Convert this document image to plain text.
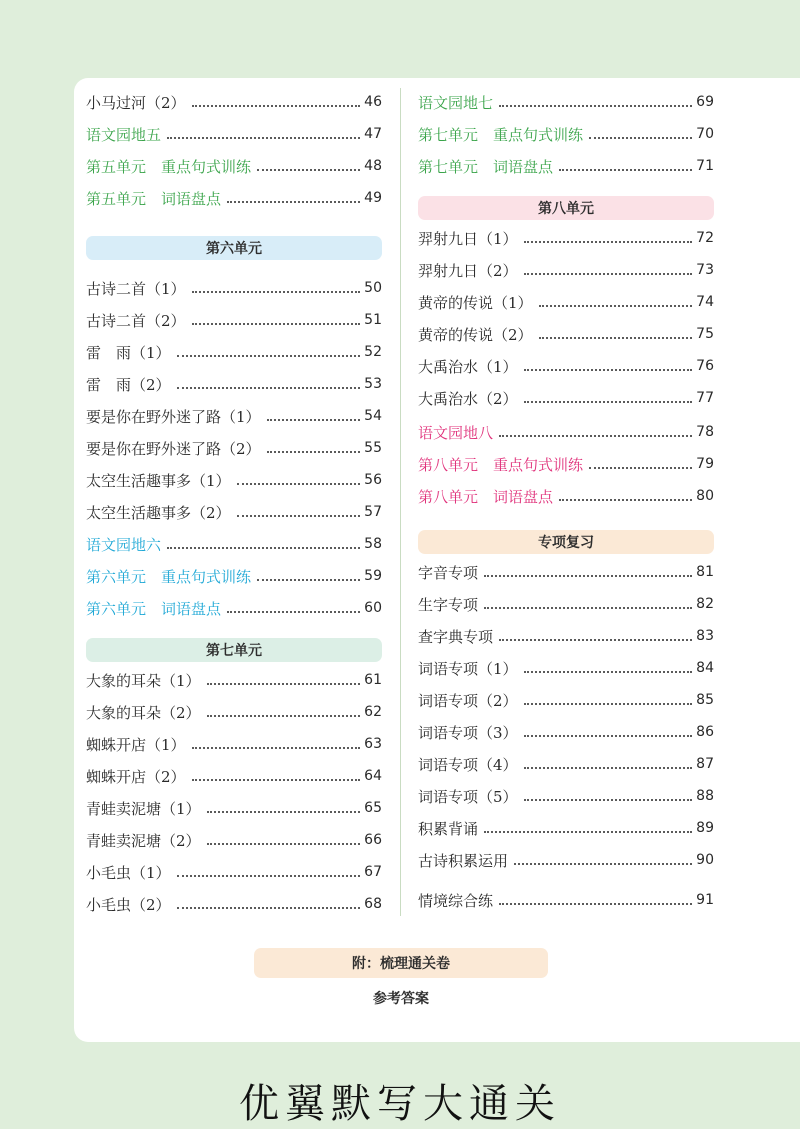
小马过河（2）	46
语文园地五	47
第五单元　重点句式训练	48
第五单元　词语盘点	49
第六单元
古诗二首（1）	50
古诗二首（2）	51
雷　雨（1）	52
雷　雨（2）	53
要是你在野外迷了路（1）	54
要是你在野外迷了路（2）	55
太空生活趣事多（1）	56
太空生活趣事多（2）	57
语文园地六	58
第六单元　重点句式训练	59
第六单元　词语盘点	60
第七单元
大象的耳朵（1）	61
大象的耳朵（2）	62
蜘蛛开店（1）	63
蜘蛛开店（2）	64
青蛙卖泥塘（1）	65
青蛙卖泥塘（2）	66
小毛虫（1）	67
小毛虫（2）	68
语文园地七	69
第七单元　重点句式训练	70
第七单元　词语盘点	71
第八单元
羿射九日（1）	72
羿射九日（2）	73
黄帝的传说（1）	74
黄帝的传说（2）	75
大禹治水（1）	76
大禹治水（2）	77
语文园地八	78
第八单元　重点句式训练	79
第八单元　词语盘点	80
专项复习
字音专项	81
生字专项	82
查字典专项	83
词语专项（1）	84
词语专项（2）	85
词语专项（3）	86
词语专项（4）	87
词语专项（5）	88
积累背诵	89
古诗积累运用	90
情境综合练	91
附：梳理通关卷
参考答案
优翼默写大通关
